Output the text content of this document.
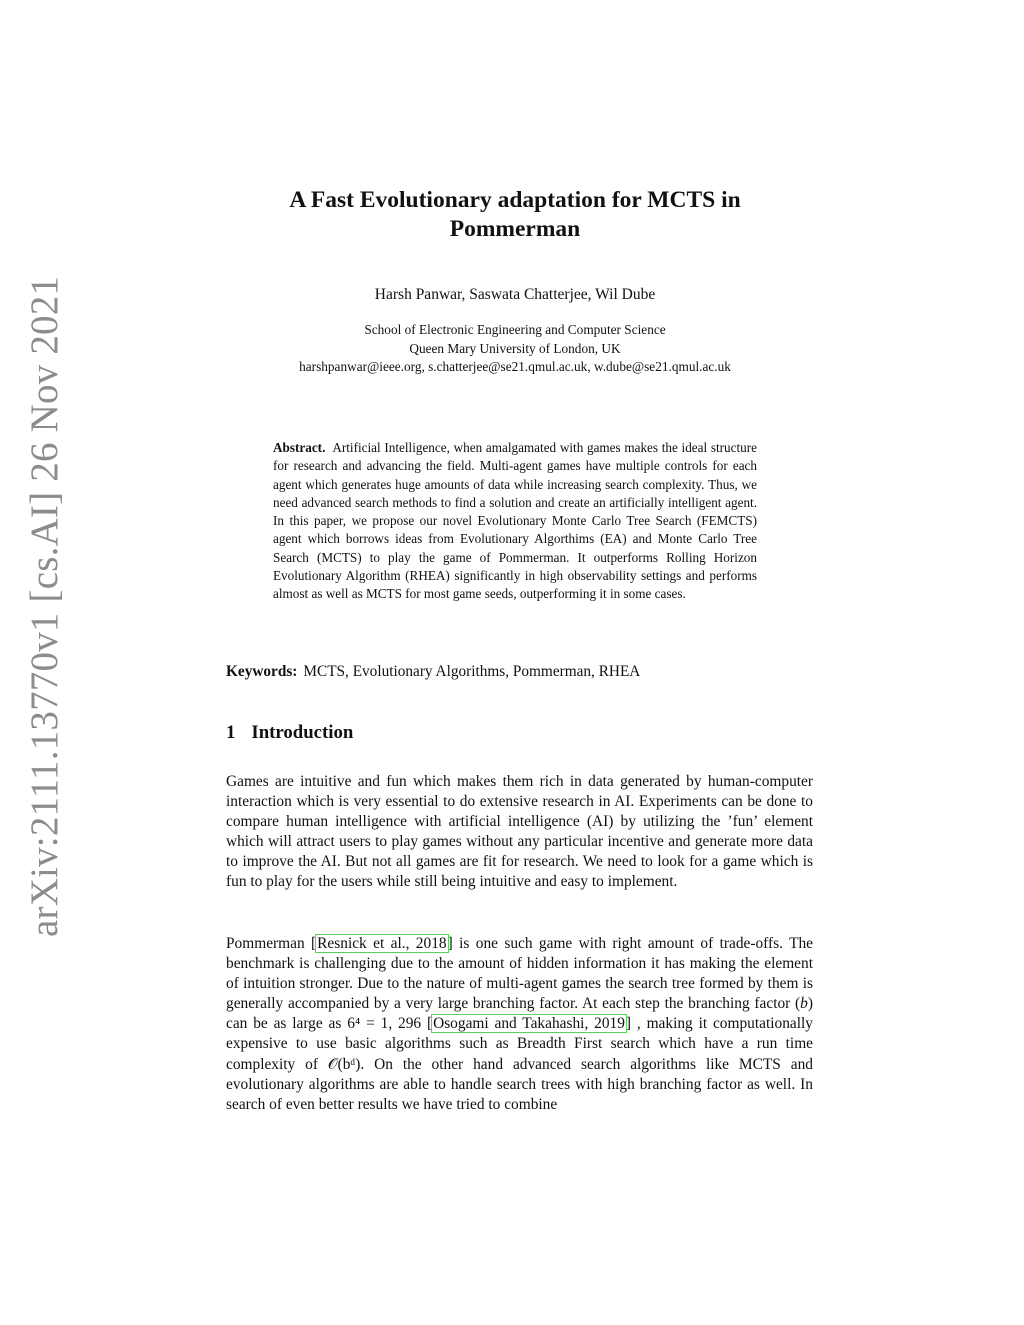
arXiv:2111.13770v1 [cs.AI] 26 Nov 2021
A Fast Evolutionary adaptation for MCTS in
Pommerman
Harsh Panwar, Saswata Chatterjee, Wil Dube
School of Electronic Engineering and Computer Science
Queen Mary University of London, UK
harshpanwar@ieee.org, s.chatterjee@se21.qmul.ac.uk, w.dube@se21.qmul.ac.uk

Abstract. Artificial Intelligence, when amalgamated with games makes the ideal structure for research and advancing the field. Multi-agent games have multiple controls for each agent which generates huge amounts of data while increasing search complexity. Thus, we need advanced search methods to find a solution and create an artificially intelligent agent. In this paper, we propose our novel Evolutionary Monte Carlo Tree Search (FEMCTS) agent which borrows ideas from Evolutionary Algorthims (EA) and Monte Carlo Tree Search (MCTS) to play the game of Pommerman. It outperforms Rolling Horizon Evolutionary Algorithm (RHEA) significantly in high observability settings and performs almost as well as MCTS for most game seeds, outperforming it in some cases.

Keywords: MCTS, Evolutionary Algorithms, Pommerman, RHEA
1 Introduction

Games are intuitive and fun which makes them rich in data generated by human-computer interaction which is very essential to do extensive research in AI. Experiments can be done to compare human intelligence with artificial intelligence (AI) by utilizing the ’fun’ element which will attract users to play games without any particular incentive and generate more data to improve the AI. But not all games are fit for research. We need to look for a game which is fun to play for the users while still being intuitive and easy to implement.

Pommerman [Resnick et al., 2018] is one such game with right amount of trade-offs. The benchmark is challenging due to the amount of hidden information it has making the element of intuition stronger. Due to the nature of multi-agent games the search tree formed by them is generally accompanied by a very large branching factor. At each step the branching factor (b) can be as large as 6⁴ = 1, 296 [Osogami and Takahashi, 2019] , making it computationally expensive to use basic algorithms such as Breadth First search which have a run time complexity of 𝒪(bᵈ). On the other hand advanced search algorithms like MCTS and evolutionary algorithms are able to handle search trees with high branching factor as well. In search of even better results we have tried to combine
